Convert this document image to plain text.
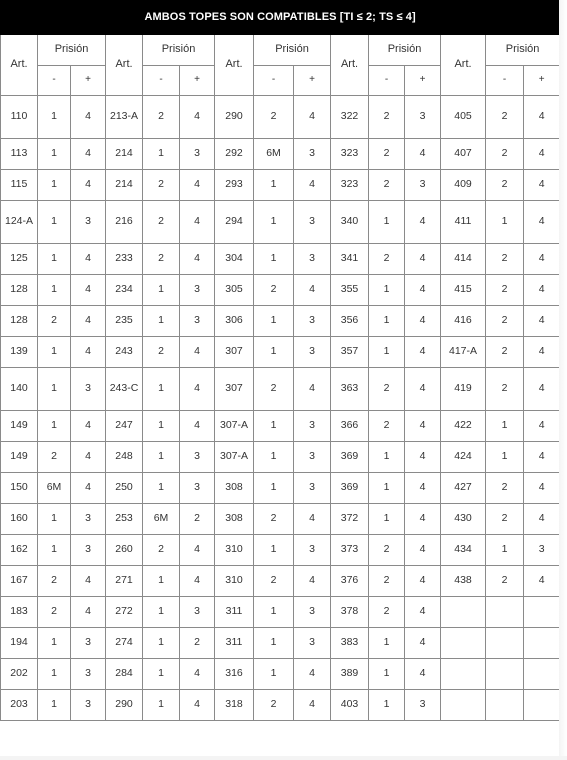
AMBOS TOPES SON COMPATIBLES [TI ≤ 2; TS ≤ 4]														
Art.	Prisión		Art.	Prisión		Art.	Prisión		Art.	Prisión		Art.	Prisión	
	-	+		-	+		-	+		-	+		-	+
110	1	4	213-A	2	4	290	2	4	322	2	3	405	2	4
113	1	4	214	1	3	292	6M	3	323	2	4	407	2	4
115	1	4	214	2	4	293	1	4	323	2	3	409	2	4
124-A	1	3	216	2	4	294	1	3	340	1	4	411	1	4
125	1	4	233	2	4	304	1	3	341	2	4	414	2	4
128	1	4	234	1	3	305	2	4	355	1	4	415	2	4
128	2	4	235	1	3	306	1	3	356	1	4	416	2	4
139	1	4	243	2	4	307	1	3	357	1	4	417-A	2	4
140	1	3	243-C	1	4	307	2	4	363	2	4	419	2	4
149	1	4	247	1	4	307-A	1	3	366	2	4	422	1	4
149	2	4	248	1	3	307-A	1	3	369	1	4	424	1	4
150	6M	4	250	1	3	308	1	3	369	1	4	427	2	4
160	1	3	253	6M	2	308	2	4	372	1	4	430	2	4
162	1	3	260	2	4	310	1	3	373	2	4	434	1	3
167	2	4	271	1	4	310	2	4	376	2	4	438	2	4
183	2	4	272	1	3	311	1	3	378	2	4			
194	1	3	274	1	2	311	1	3	383	1	4			
202	1	3	284	1	4	316	1	4	389	1	4			
203	1	3	290	1	4	318	2	4	403	1	3			
